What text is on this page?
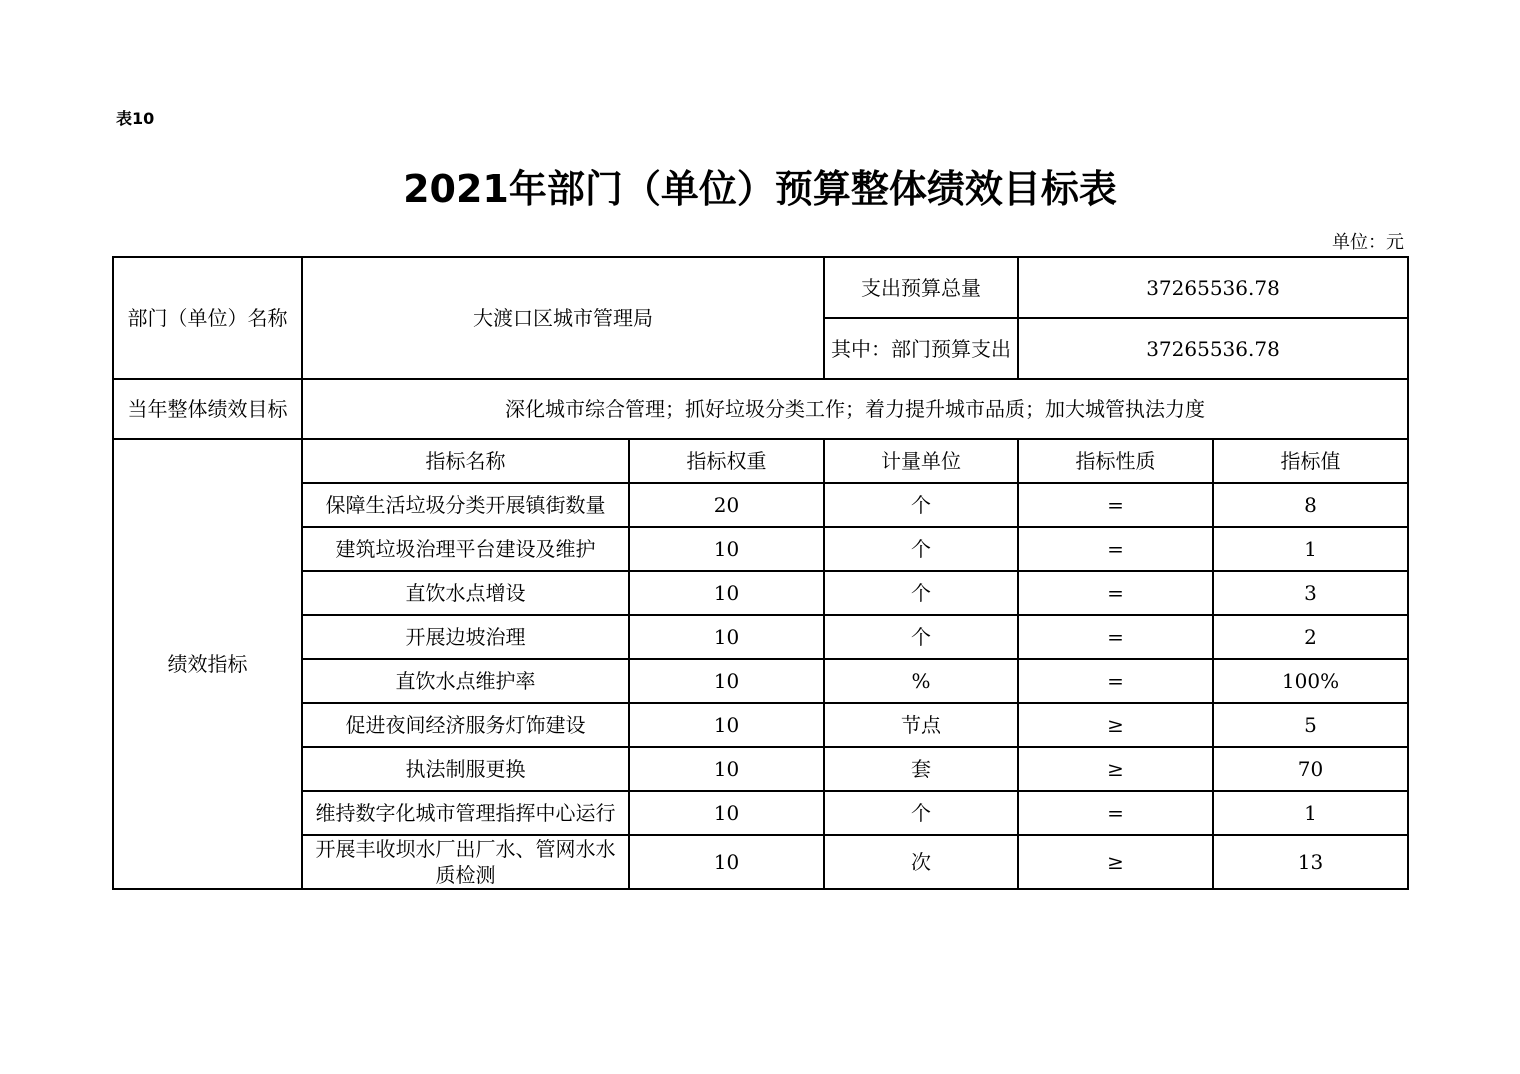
表10
2021年部门（单位）预算整体绩效目标表
单位：元
部门（单位）名称	大渡口区城市管理局		支出预算总量	37265536.78	
			其中：部门预算支出	37265536.78	
当年整体绩效目标	深化城市综合管理；抓好垃圾分类工作；着力提升城市品质；加大城管执法力度				
绩效指标	指标名称	指标权重	计量单位	指标性质	指标值
	保障生活垃圾分类开展镇街数量	20	个	=	8
	建筑垃圾治理平台建设及维护	10	个	=	1
	直饮水点增设	10	个	=	3
	开展边坡治理	10	个	=	2
	直饮水点维护率	10	%	=	100%
	促进夜间经济服务灯饰建设	10	节点	≥	5
	执法制服更换	10	套	≥	70
	维持数字化城市管理指挥中心运行	10	个	=	1
	开展丰收坝水厂出厂水、管网水水质检测	10	次	≥	13
